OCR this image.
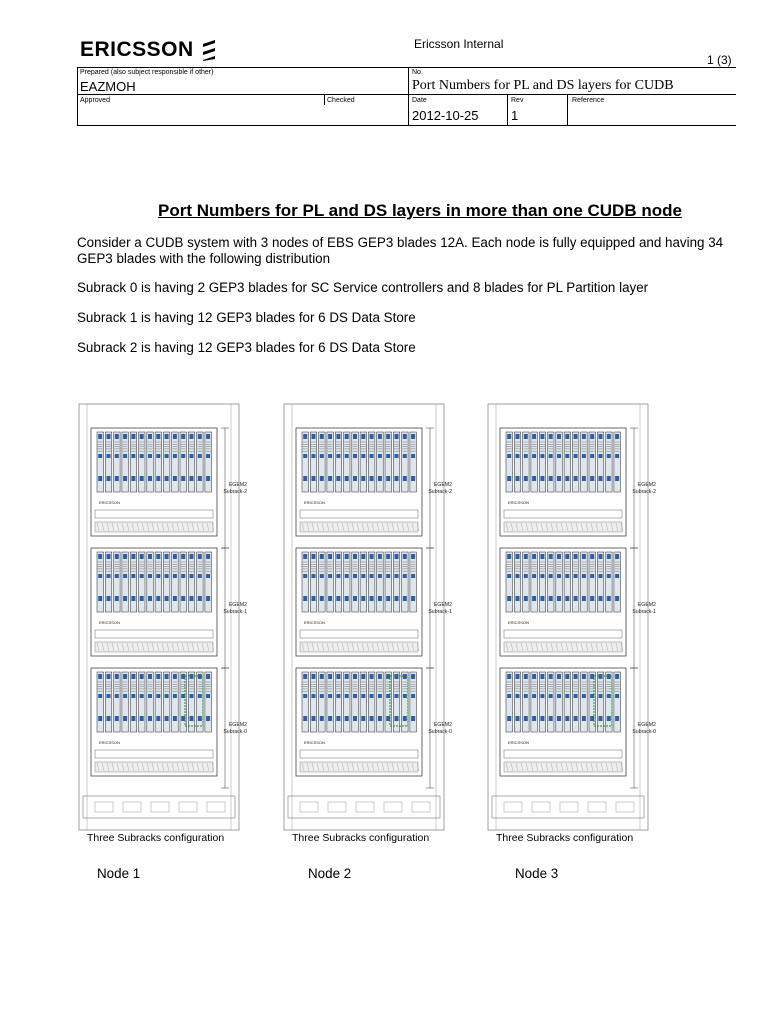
ERICSSON	Ericsson Internal
1 (3)
Prepared (also subject responsible if other)
EAZMOH
No.
Port Numbers for PL and DS layers for CUDB
Approved	Checked	Date
2012-10-25
Rev
1
Reference
Port Numbers for PL and DS layers in more than one CUDB node
Consider a CUDB system with 3 nodes of EBS GEP3 blades 12A. Each node is fully equipped and having 34 GEP3 blades with the following distribution
Subrack 0 is having 2 GEP3 blades for SC Service controllers and 8 blades for PL Partition layer
Subrack 1 is having 12 GEP3 blades for 6 DS Data Store
Subrack 2 is having 12 GEP3 blades for 6 DS Data Store
ERICSSON
EGEM2
Subrack-2
ERICSSON
EGEM2
Subrack-1
ERICSSON
EGEM2
Subrack-0
ERICSSON
EGEM2
Subrack-2
ERICSSON
EGEM2
Subrack-1
ERICSSON
EGEM2
Subrack-0
ERICSSON
EGEM2
Subrack-2
ERICSSON
EGEM2
Subrack-1
ERICSSON
EGEM2
Subrack-0
Three Subracks configuration	Three Subracks configuration	Three Subracks configuration
Node 1	Node 2	Node 3
